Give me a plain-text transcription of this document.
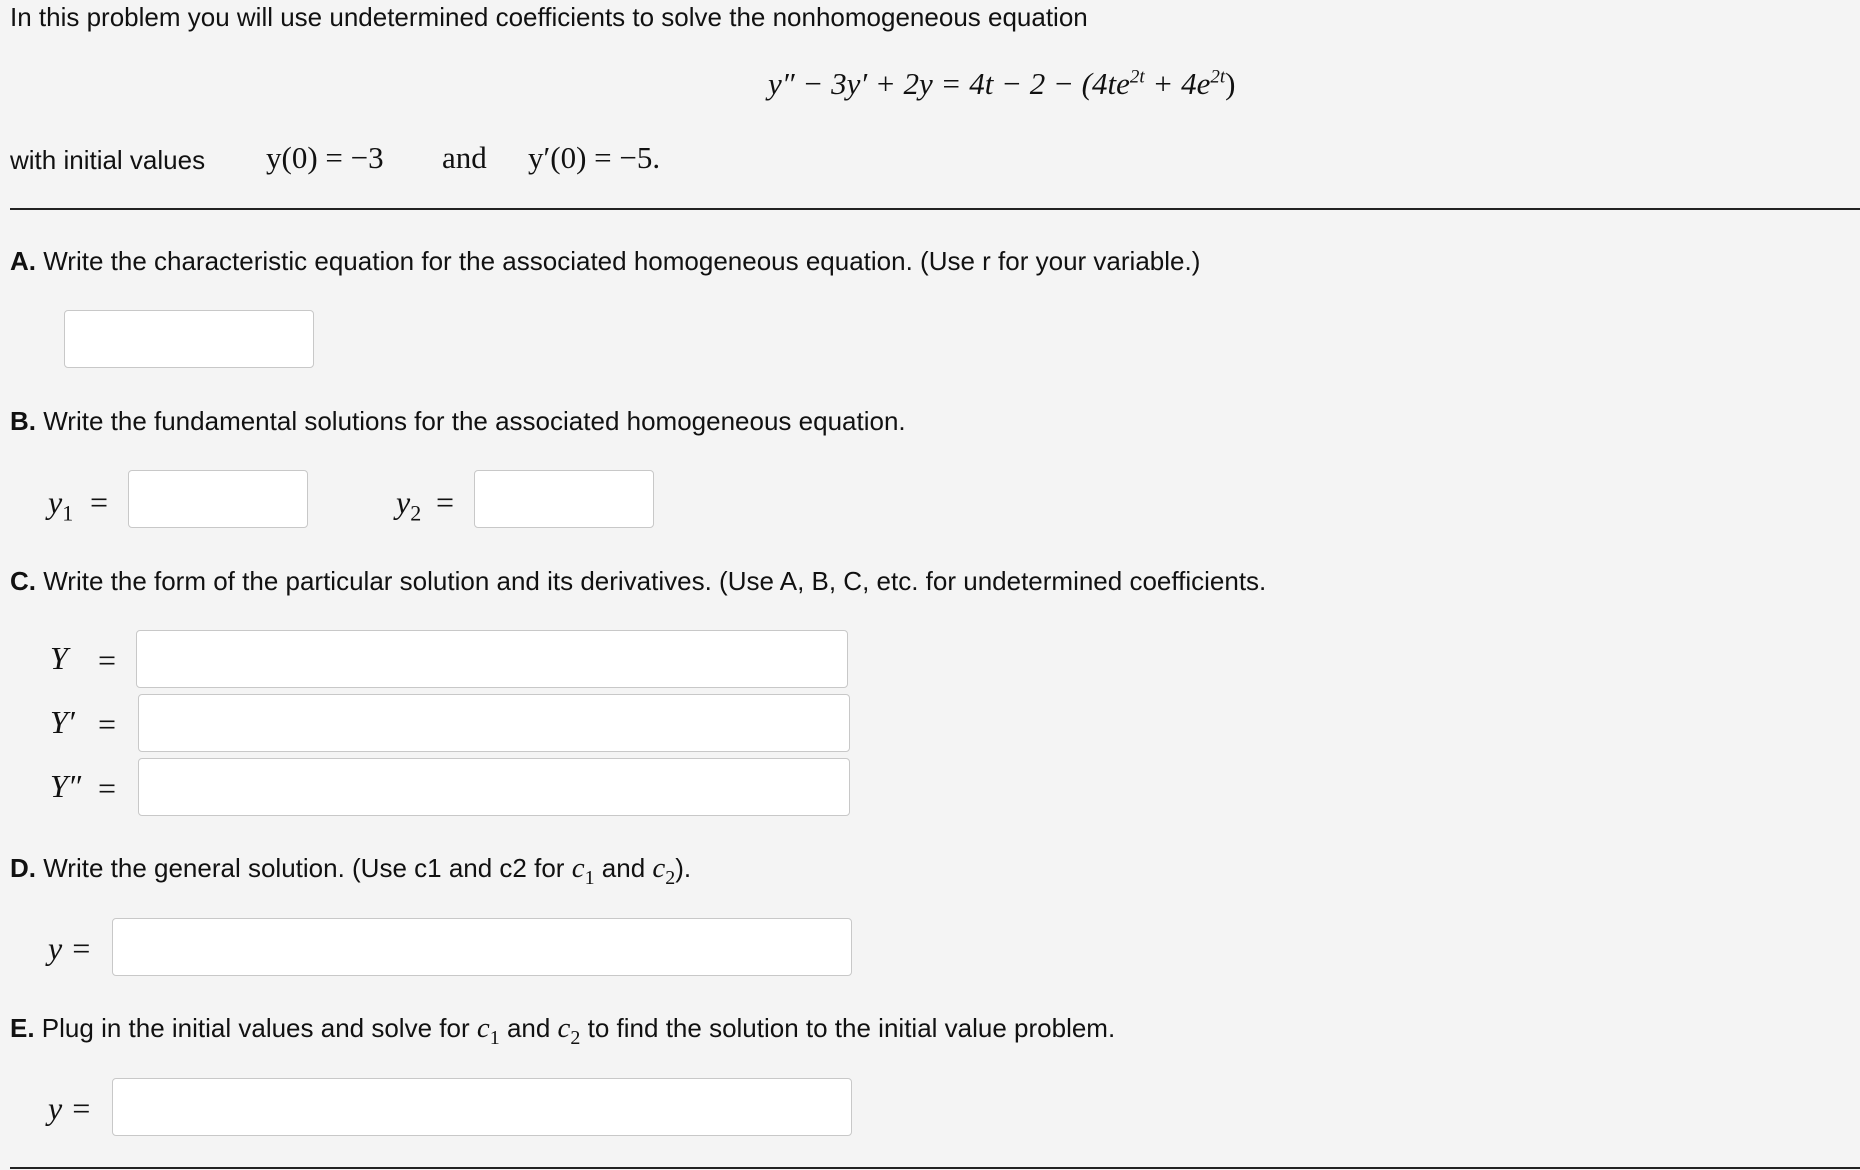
In this problem you will use undetermined coefficients to solve the nonhomogeneous equation
$y'' - 3y' + 2y = 4t - 2 - (4te^{2t} + 4e^{2t})$
with initial values y(0) = −3 and y′(0) = −5.
A. Write the characteristic equation for the associated homogeneous equation. (Use r for your variable.)
B. Write the fundamental solutions for the associated homogeneous equation.
$y_1$ =	$y_2$ =
C. Write the form of the particular solution and its derivatives. (Use A, B, C, etc. for undetermined coefficients.
Y =
Y′ =
Y″ =
D. Write the general solution. (Use c1 and c2 for $c_1$ and $c_2$).
y =
E. Plug in the initial values and solve for $c_1$ and $c_2$ to find the solution to the initial value problem.
y =
